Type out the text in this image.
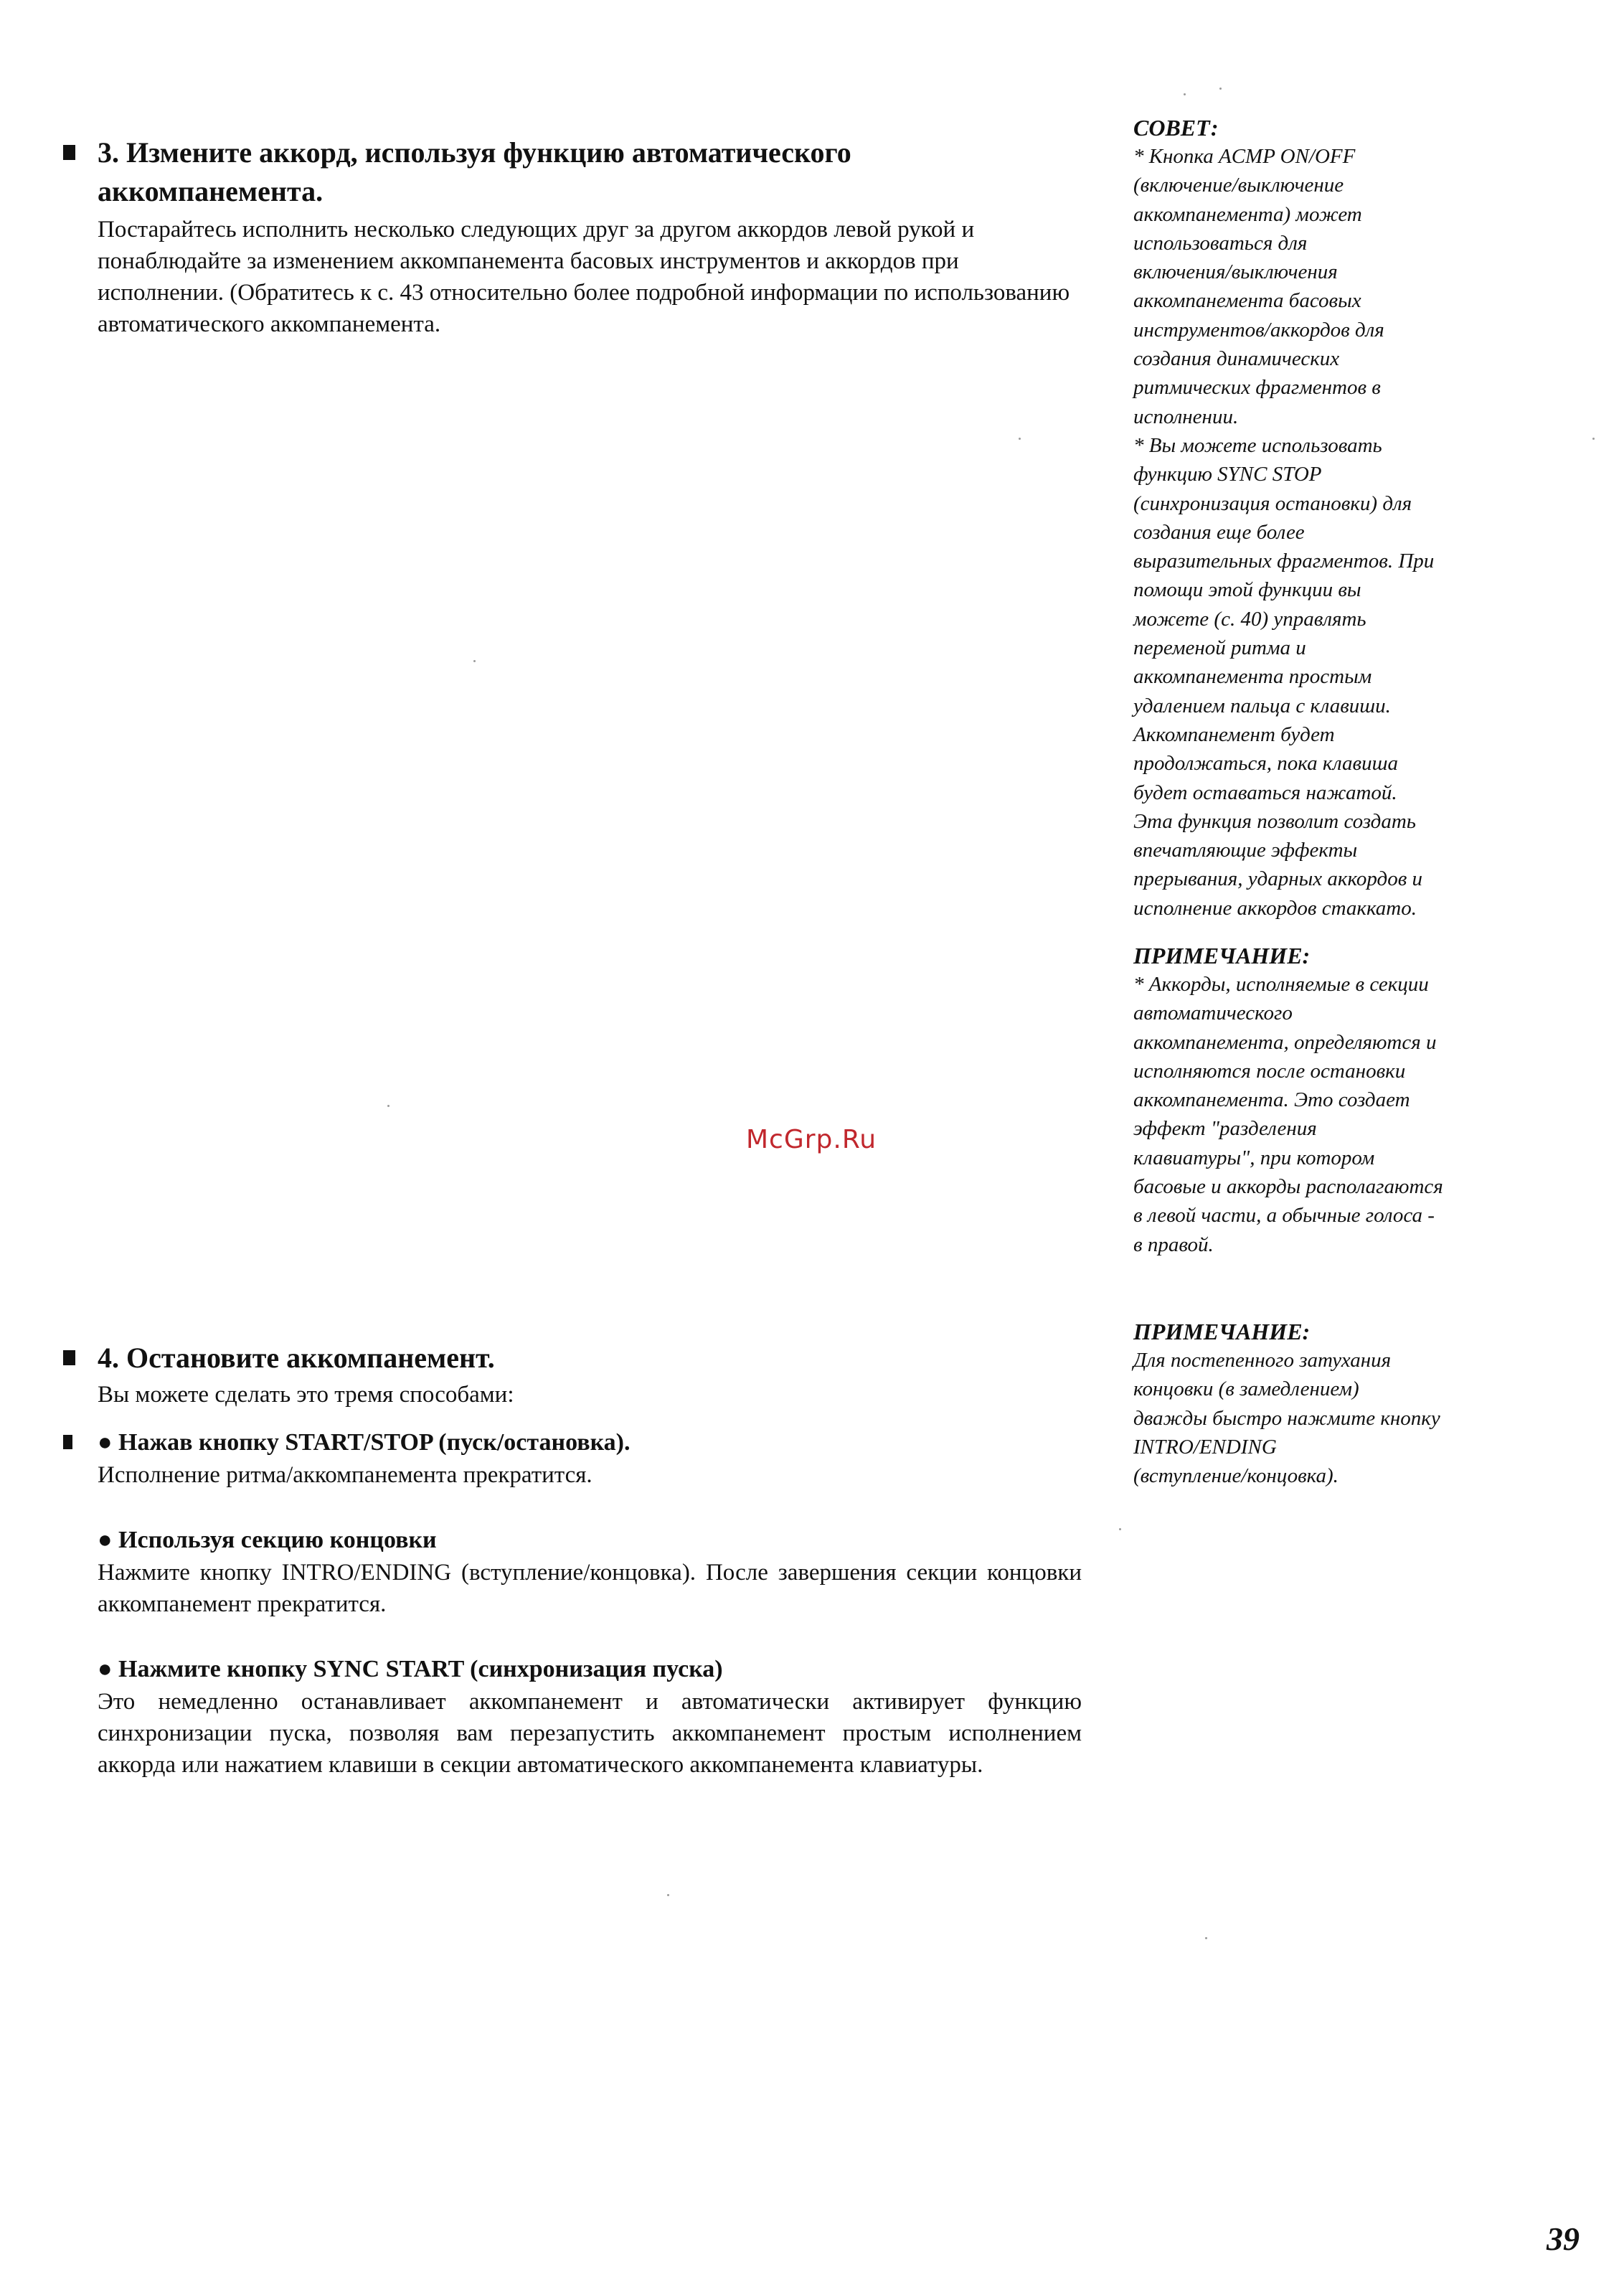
3. Измените аккорд, используя функцию автоматического аккомпанемента.

Постарайтесь исполнить несколько следующих друг за другом аккордов левой рукой и понаблюдайте за изменением аккомпанемента басовых инструментов и аккордов при исполнении. (Обратитесь к с. 43 относительно более подробной информации по использованию автоматического аккомпанемента.

4. Остановите аккомпанемент.

Вы можете сделать это тремя способами:

● Нажав кнопку START/STOP (пуск/остановка).

Исполнение ритма/аккомпанемента прекратится.

● Используя секцию концовки

Нажмите кнопку INTRO/ENDING (вступление/концовка). После завершения секции концовки аккомпанемент прекратится.

● Нажмите кнопку SYNC START (синхронизация пуска)

Это немедленно останавливает аккомпанемент и автоматически активирует функцию синхронизации пуска, позволяя вам перезапустить аккомпанемент простым исполнением аккорда или нажатием клавиши в секции автоматического аккомпанемента клавиатуры.

СОВЕТ:

* Кнопка ACMP ON/OFF

(включение/выключение

аккомпанемента) может

использоваться для

включения/выключения

аккомпанемента басовых

инструментов/аккордов для

создания динамических

ритмических фрагментов в

исполнении.

* Вы можете использовать

функцию SYNC STOP

(синхронизация остановки) для

создания еще более

выразительных фрагментов. При

помощи этой функции вы

можете (с. 40) управлять

переменой ритма и

аккомпанемента простым

удалением пальца с клавиши.

Аккомпанемент будет

продолжаться, пока клавиша

будет оставаться нажатой.

Эта функция позволит создать

впечатляющие эффекты

прерывания, ударных аккордов и

исполнение аккордов стаккато.

ПРИМЕЧАНИЕ:

* Аккорды, исполняемые в секции

автоматического

аккомпанемента, определяются и

исполняются после остановки

аккомпанемента. Это создает

эффект "разделения

клавиатуры", при котором

басовые и аккорды располагаются

в левой части, а обычные голоса -

в правой.

ПРИМЕЧАНИЕ:

Для постепенного затухания

концовки (в замедлением)

дважды быстро нажмите кнопку

INTRO/ENDING

(вступление/концовка).

McGrp.Ru
39
